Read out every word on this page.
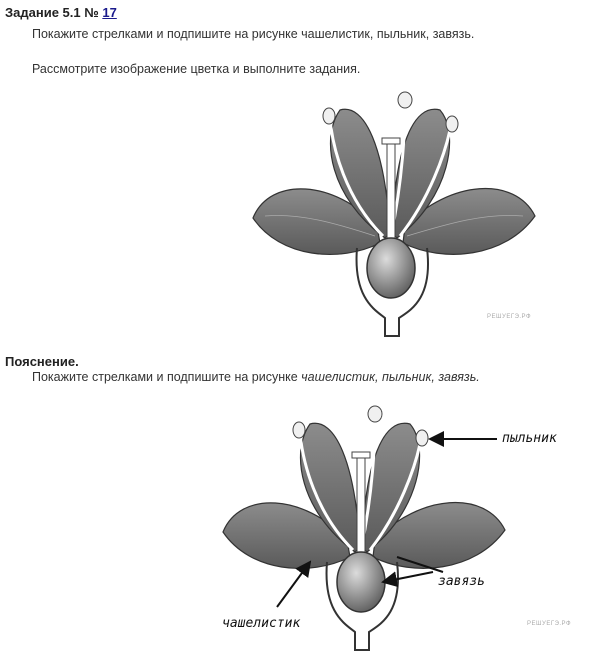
Задание 5.1 № 17
Покажите стрелками и подпишите на рисунке чашелистик, пыльник, завязь.
Рассмотрите изображение цветка и выполните задания.
РЕШУЕГЭ.РФ
Пояснение.
Покажите стрелками и подпишите на рисунке чашелистик, пыльник, завязь.
РЕШУЕГЭ.РФ
пыльник
завязь
чашелистик
